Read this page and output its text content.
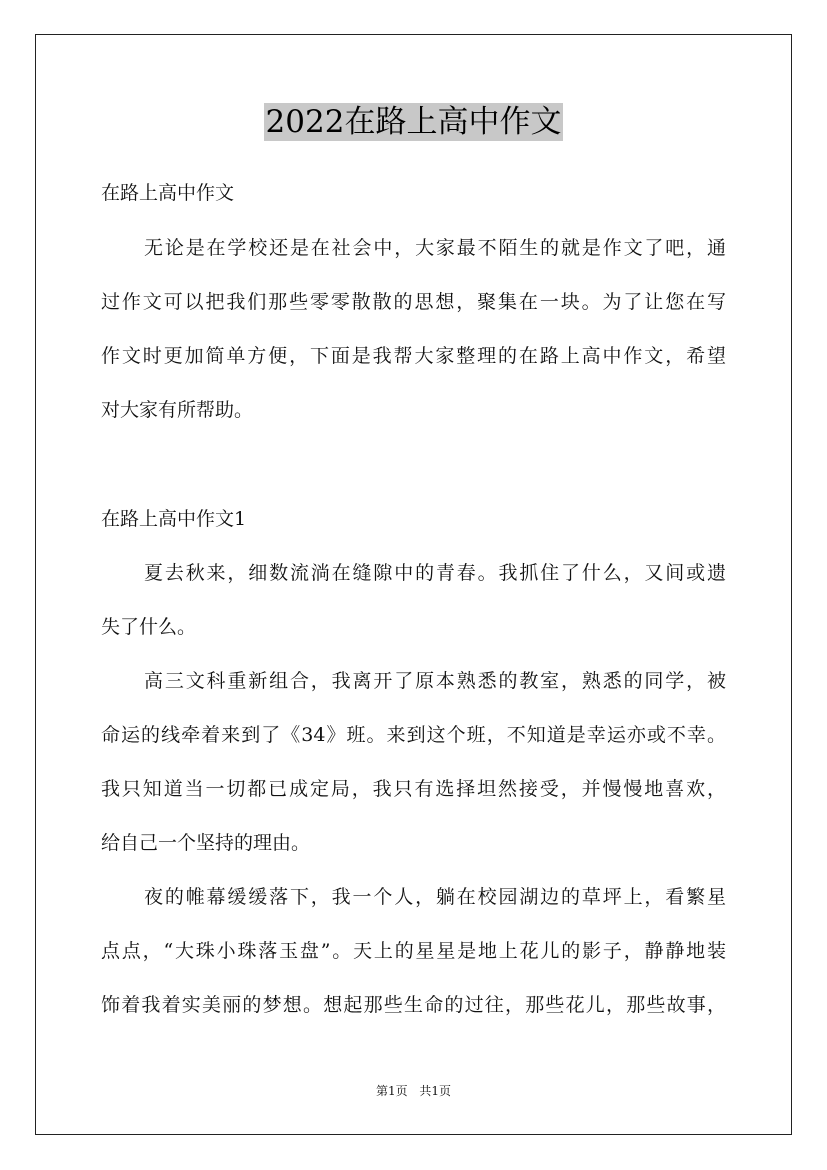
2022在路上高中作文
在路上高中作文
无论是在学校还是在社会中，大家最不陌生的就是作文了吧，通
过作文可以把我们那些零零散散的思想，聚集在一块。为了让您在写
作文时更加简单方便，下面是我帮大家整理的在路上高中作文，希望
对大家有所帮助。
在路上高中作文1
夏去秋来，细数流淌在缝隙中的青春。我抓住了什么，又间或遗
失了什么。
高三文科重新组合，我离开了原本熟悉的教室，熟悉的同学，被
命运的线牵着来到了《34》班。来到这个班，不知道是幸运亦或不幸。
我只知道当一切都已成定局，我只有选择坦然接受，并慢慢地喜欢，
给自己一个坚持的理由。
夜的帷幕缓缓落下，我一个人，躺在校园湖边的草坪上，看繁星
点点，“大珠小珠落玉盘”。天上的星星是地上花儿的影子，静静地装
饰着我着实美丽的梦想。想起那些生命的过往，那些花儿，那些故事，
第1页 共1页
